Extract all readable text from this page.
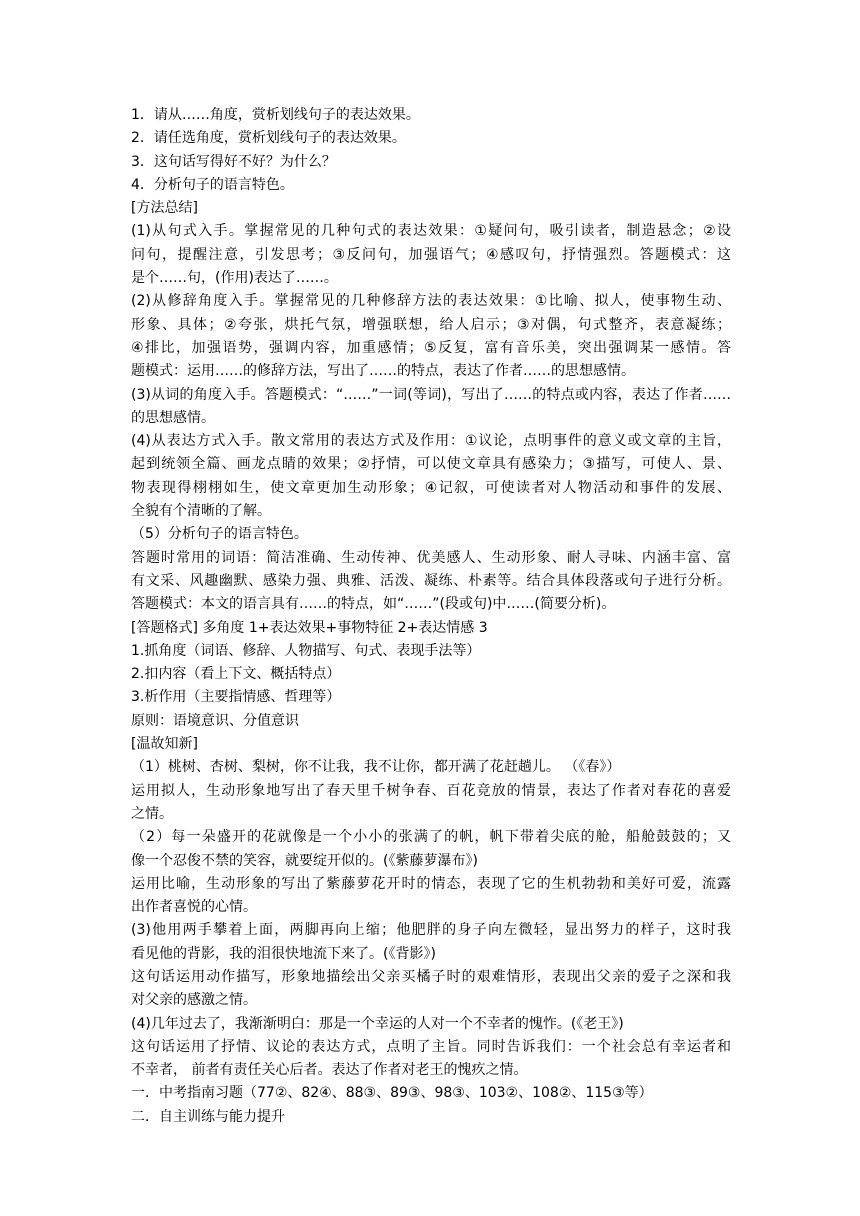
1．请从……角度，赏析划线句子的表达效果。
2．请任选角度，赏析划线句子的表达效果。
3．这句话写得好不好？为什么？
4．分析句子的语言特色。
[方法总结]
(1)从句式入手。掌握常见的几种句式的表达效果：①疑问句，吸引读者，制造悬念；②设
问句，提醒注意，引发思考；③反问句，加强语气；④感叹句，抒情强烈。答题模式：这
是个……句，(作用)表达了……。
(2)从修辞角度入手。掌握常见的几种修辞方法的表达效果：①比喻、拟人，使事物生动、
形象、具体；②夸张，烘托气氛，增强联想，给人启示；③对偶，句式整齐，表意凝练；
④排比，加强语势，强调内容，加重感情；⑤反复，富有音乐美，突出强调某一感情。答
题模式：运用……的修辞方法，写出了……的特点，表达了作者……的思想感情。
(3)从词的角度入手。答题模式：“……”一词(等词)，写出了……的特点或内容，表达了作者……
的思想感情。
(4)从表达方式入手。散文常用的表达方式及作用：①议论，点明事件的意义或文章的主旨，
起到统领全篇、画龙点睛的效果；②抒情，可以使文章具有感染力；③描写，可使人、景、
物表现得栩栩如生，使文章更加生动形象；④记叙，可使读者对人物活动和事件的发展、
全貌有个清晰的了解。
（5）分析句子的语言特色。
答题时常用的词语：简洁准确、生动传神、优美感人、生动形象、耐人寻味、内涵丰富、富
有文采、风趣幽默、感染力强、典雅、活泼、凝练、朴素等。结合具体段落或句子进行分析。
答题模式：本文的语言具有……的特点，如“……”(段或句)中……(简要分析)。
[答题格式] 多角度 1+表达效果+事物特征 2+表达情感 3
1.抓角度（词语、修辞、人物描写、句式、表现手法等）
2.扣内容（看上下文、概括特点）
3.析作用（主要指情感、哲理等）
原则：语境意识、分值意识
[温故知新]
（1）桃树、杏树、梨树，你不让我，我不让你，都开满了花赶趟儿。 （《春》）
运用拟人，生动形象地写出了春天里千树争春、百花竞放的情景，表达了作者对春花的喜爱
之情。
（2）每一朵盛开的花就像是一个小小的张满了的帆，帆下带着尖底的舱，船舱鼓鼓的；又
像一个忍俊不禁的笑容，就要绽开似的。(《紫藤萝瀑布》)
运用比喻，生动形象的写出了紫藤萝花开时的情态，表现了它的生机勃勃和美好可爱，流露
出作者喜悦的心情。
(3)他用两手攀着上面，两脚再向上缩；他肥胖的身子向左微轻，显出努力的样子，这时我
看见他的背影，我的泪很快地流下来了。(《背影》)
这句话运用动作描写，形象地描绘出父亲买橘子时的艰难情形，表现出父亲的爱子之深和我
对父亲的感激之情。
(4)几年过去了，我渐渐明白：那是一个幸运的人对一个不幸者的愧怍。(《老王》)
这句话运用了抒情、议论的表达方式，点明了主旨。同时告诉我们：一个社会总有幸运者和
不幸者， 前者有责任关心后者。表达了作者对老王的愧疚之情。
一．中考指南习题（77②、82④、88③、89③、98③、103②、108②、115③等）
二．自主训练与能力提升
